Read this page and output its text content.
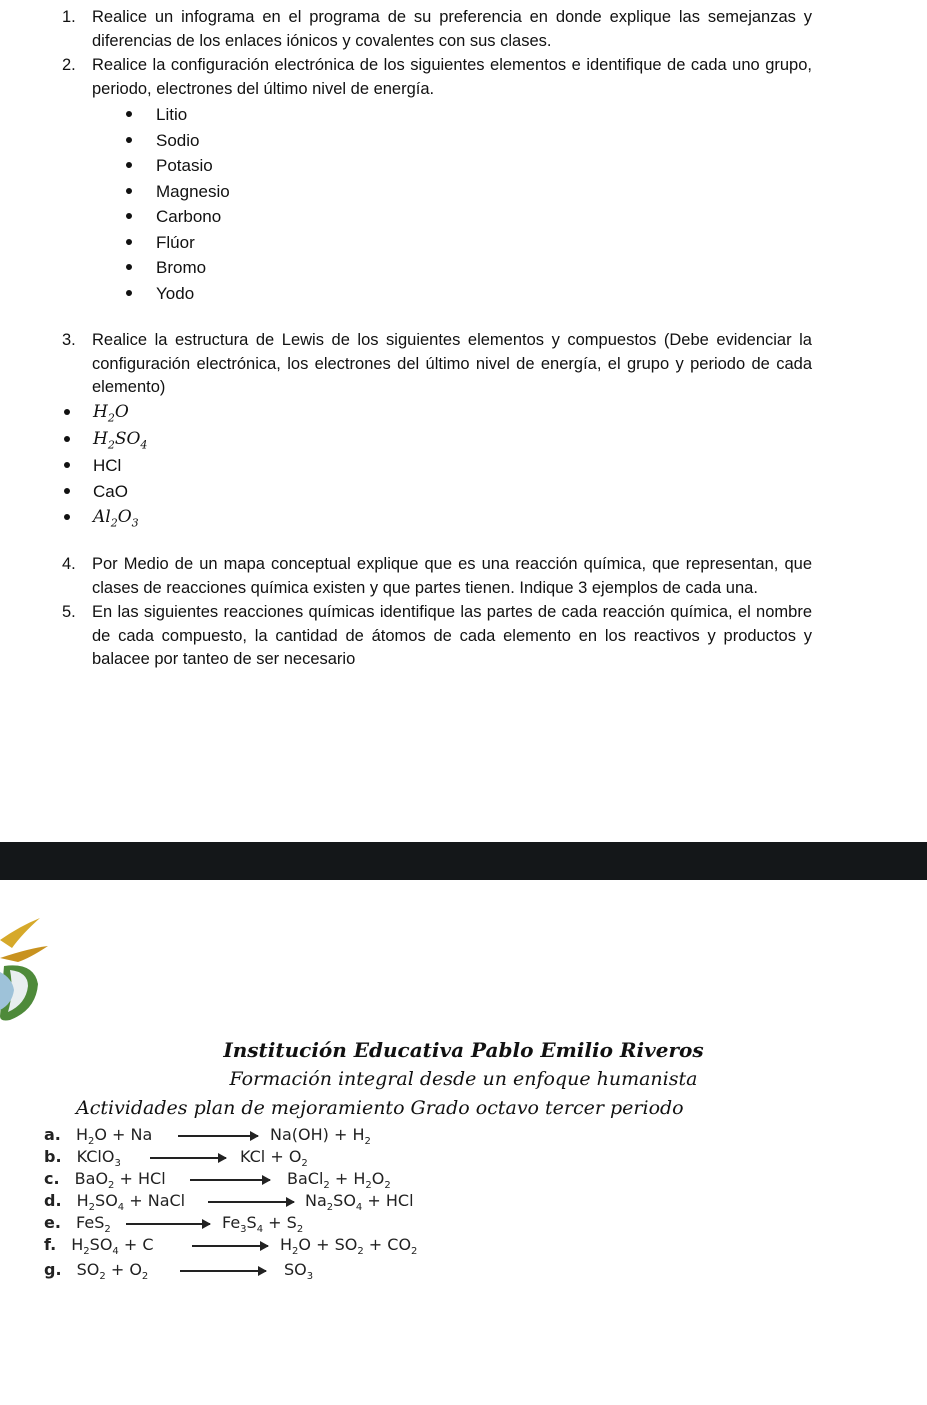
1. Realice un infograma en el programa de su preferencia en donde explique las semejanzas y diferencias de los enlaces iónicos y covalentes con sus clases.
2. Realice la configuración electrónica de los siguientes elementos e identifique de cada uno grupo, periodo, electrones del último nivel de energía.
Litio
Sodio
Potasio
Magnesio
Carbono
Flúor
Bromo
Yodo
3. Realice la estructura de Lewis de los siguientes elementos y compuestos (Debe evidenciar la configuración electrónica, los electrones del último nivel de energía, el grupo y periodo de cada elemento)
$H_2O$
$H_2SO_4$
HCl
CaO
$Al_2O_3$
4. Por Medio de un mapa conceptual explique que es una reacción química, que representan, que clases de reacciones química existen y que partes tienen. Indique 3 ejemplos de cada una.
5. En las siguientes reacciones químicas identifique las partes de cada reacción química, el nombre de cada compuesto, la cantidad de átomos de cada elemento en los reactivos y productos y balacee por tanteo de ser necesario
Institución Educativa Pablo Emilio Riveros
Formación integral desde un enfoque humanista
Actividades plan de mejoramiento Grado octavo tercer periodo
a. $H_2O + Na$	$Na(OH) + H_2$
b. KClO$_3$	KCl + $O_2$
c. BaO$_2$ + HCl	BaCl$_2$ + $H_2O_2$
d. $H_2SO_4$ + NaCl	$Na_2SO_4$ + HCl
e. FeS$_2$	$Fe_3S_4 + S_2$
f. $H_2SO_4 + C$	$H_2O + SO_2 + CO_2$
g. $SO_2 + O_2$	$SO_3$
